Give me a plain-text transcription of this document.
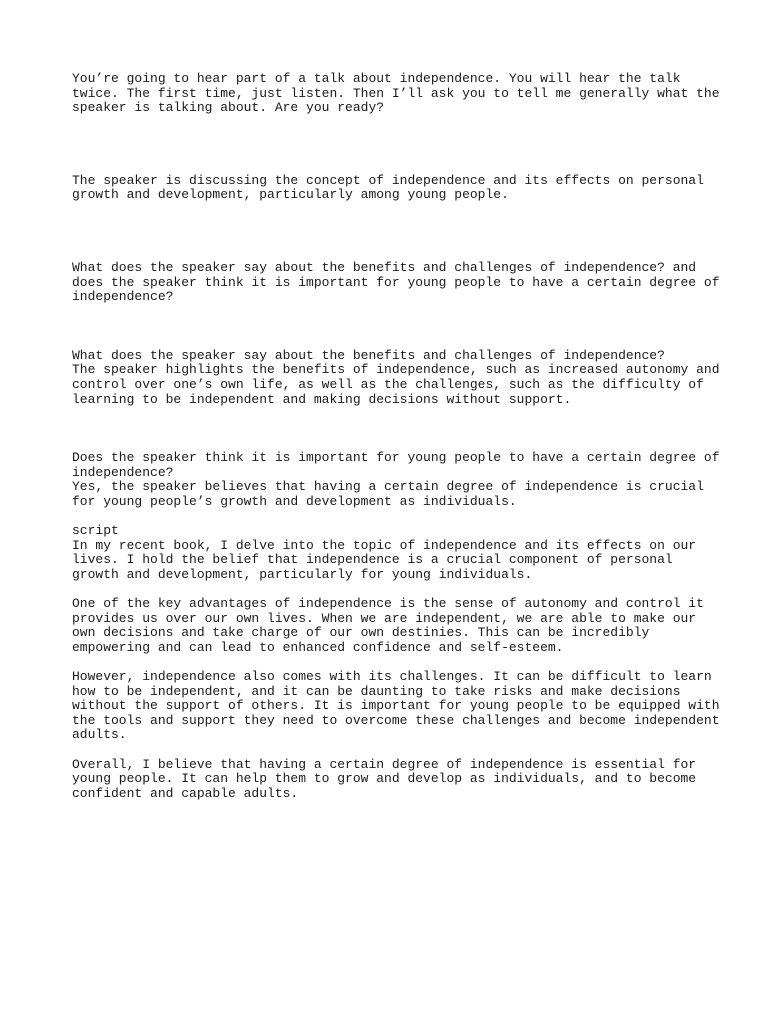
You’re going to hear part of a talk about independence. You will hear the talk
twice. The first time, just listen. Then I’ll ask you to tell me generally what the
speaker is talking about. Are you ready?
The speaker is discussing the concept of independence and its effects on personal
growth and development, particularly among young people.
What does the speaker say about the benefits and challenges of independence? and
does the speaker think it is important for young people to have a certain degree of
independence?
What does the speaker say about the benefits and challenges of independence?
The speaker highlights the benefits of independence, such as increased autonomy and
control over one’s own life, as well as the challenges, such as the difficulty of
learning to be independent and making decisions without support.
Does the speaker think it is important for young people to have a certain degree of
independence?
Yes, the speaker believes that having a certain degree of independence is crucial
for young people’s growth and development as individuals.
script
In my recent book, I delve into the topic of independence and its effects on our
lives. I hold the belief that independence is a crucial component of personal
growth and development, particularly for young individuals.
One of the key advantages of independence is the sense of autonomy and control it
provides us over our own lives. When we are independent, we are able to make our
own decisions and take charge of our own destinies. This can be incredibly
empowering and can lead to enhanced confidence and self-esteem.
However, independence also comes with its challenges. It can be difficult to learn
how to be independent, and it can be daunting to take risks and make decisions
without the support of others. It is important for young people to be equipped with
the tools and support they need to overcome these challenges and become independent
adults.
Overall, I believe that having a certain degree of independence is essential for
young people. It can help them to grow and develop as individuals, and to become
confident and capable adults.
